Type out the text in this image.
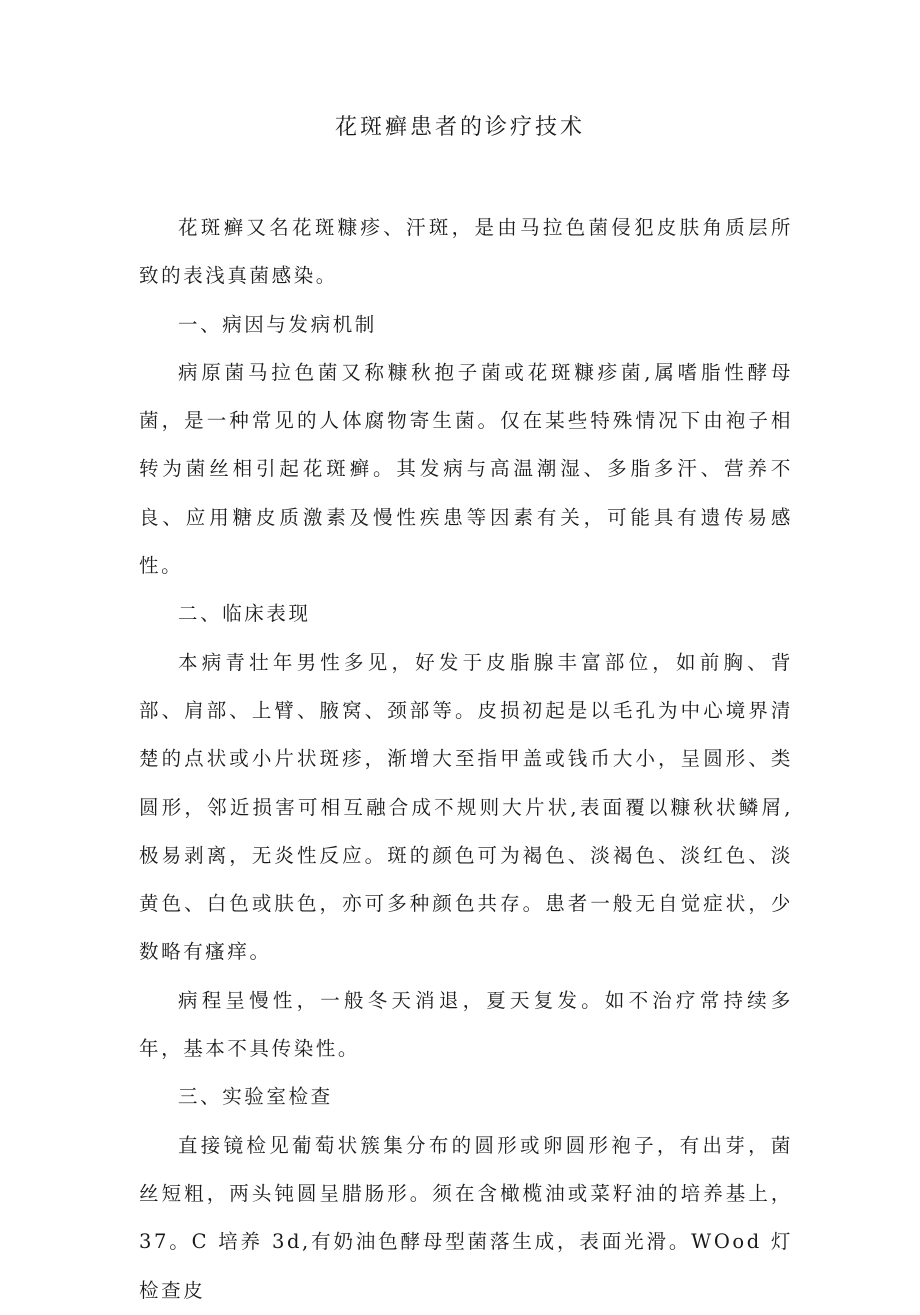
花斑癣患者的诊疗技术

花斑癣又名花斑糠疹、汗斑，是由马拉色菌侵犯皮肤角质层所致的表浅真菌感染。

一、病因与发病机制

病原菌马拉色菌又称糠秋抱子菌或花斑糠疹菌,属嗜脂性酵母菌，是一种常见的人体腐物寄生菌。仅在某些特殊情况下由袍子相转为菌丝相引起花斑癣。其发病与高温潮湿、多脂多汗、营养不良、应用糖皮质激素及慢性疾患等因素有关，可能具有遗传易感性。

二、临床表现

本病青壮年男性多见，好发于皮脂腺丰富部位，如前胸、背部、肩部、上臂、腋窝、颈部等。皮损初起是以毛孔为中心境界清楚的点状或小片状斑疹，渐增大至指甲盖或钱币大小，呈圆形、类圆形，邻近损害可相互融合成不规则大片状,表面覆以糠秋状鳞屑,极易剥离，无炎性反应。斑的颜色可为褐色、淡褐色、淡红色、淡黄色、白色或肤色，亦可多种颜色共存。患者一般无自觉症状，少数略有瘙痒。

病程呈慢性，一般冬天消退，夏天复发。如不治疗常持续多年，基本不具传染性。

三、实验室检查

直接镜检见葡萄状簇集分布的圆形或卵圆形袍子，有出芽，菌丝短粗，两头钝圆呈腊肠形。须在含橄榄油或菜籽油的培养基上，37。C 培养 3d,有奶油色酵母型菌落生成，表面光滑。WOod 灯检查皮
